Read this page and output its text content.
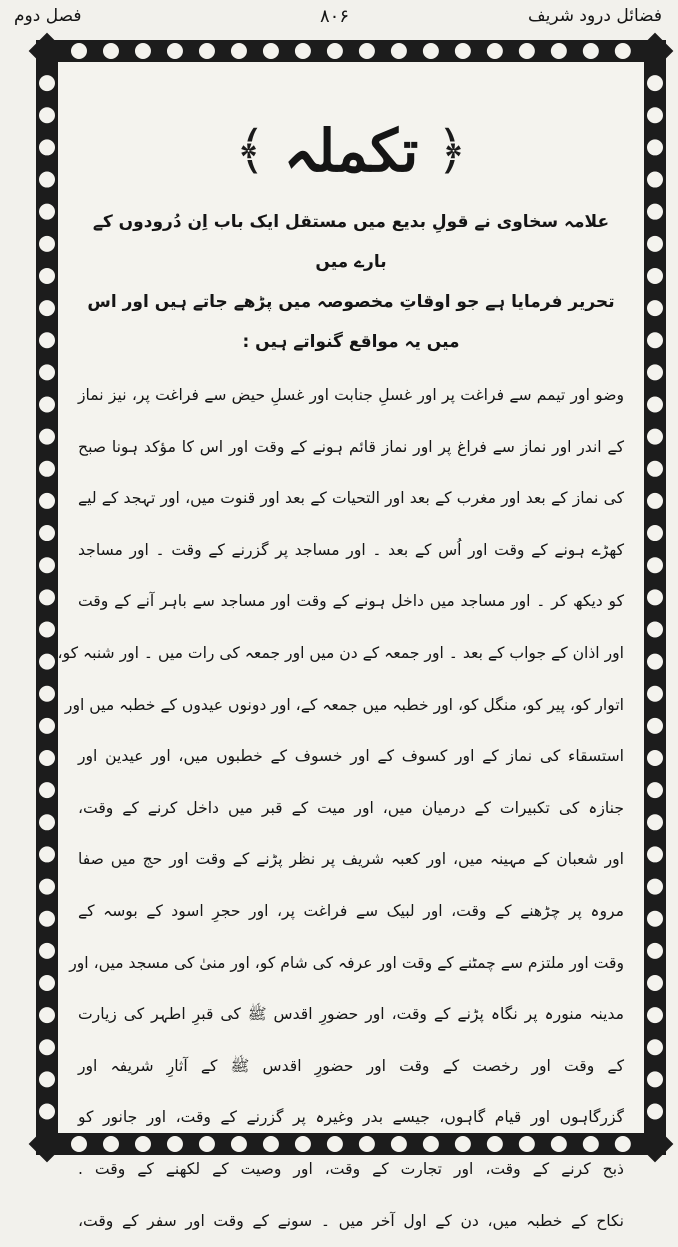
فضائل درود شریف
۸۰۶
فصل دوم
﴿
تکملہ
﴾
علامہ سخاوی نے قولِ بدیع میں مستقل ایک باب اِن دُرودوں کے بارے میں
تحریر فرمایا ہے جو اوقاتِ مخصوصہ میں پڑھے جاتے ہیں اور اس میں یہ مواقع گنواتے ہیں :
وضو اور تیمم سے فراغت پر اور غسلِ جنابت اور غسلِ حیض سے فراغت پر، نیز نماز
کے اندر اور نماز سے فراغ پر اور نماز قائم ہونے کے وقت اور اس کا مؤکد ہونا صبح
کی نماز کے بعد اور مغرب کے بعد اور التحیات کے بعد اور قنوت میں، اور تہجد کے لیے
کھڑے ہونے کے وقت اور اُس کے بعد ۔ اور مساجد پر گزرنے کے وقت ۔ اور مساجد
کو دیکھ کر ۔ اور مساجد میں داخل ہونے کے وقت اور مساجد سے باہر آنے کے وقت
اور اذان کے جواب کے بعد ۔ اور جمعہ کے دن میں اور جمعہ کی رات میں ۔ اور شنبہ کو،
اتوار کو، پیر کو، منگل کو، اور خطبہ میں جمعہ کے، اور دونوں عیدوں کے خطبہ میں اور
استسقاء کی نماز کے اور کسوف کے اور خسوف کے خطبوں میں، اور عیدین اور
جنازہ کی تکبیرات کے درمیان میں، اور میت کے قبر میں داخل کرنے کے وقت،
اور شعبان کے مہینہ میں، اور کعبہ شریف پر نظر پڑنے کے وقت اور حج میں صفا
مروہ پر چڑھنے کے وقت، اور لبیک سے فراغت پر، اور حجرِ اسود کے بوسہ کے
وقت اور ملتزم سے چمٹنے کے وقت اور عرفہ کی شام کو، اور منیٰ کی مسجد میں، اور
مدینہ منورہ پر نگاہ پڑنے کے وقت، اور حضورِ اقدس ﷺ کی قبرِ اطہر کی زیارت
کے وقت اور رخصت کے وقت اور حضورِ اقدس ﷺ کے آثارِ شریفہ اور
گزرگاہوں اور قیام گاہوں، جیسے بدر وغیرہ پر گزرنے کے وقت، اور جانور کو
ذبح کرنے کے وقت، اور تجارت کے وقت، اور وصیت کے لکھنے کے وقت .
نکاح کے خطبہ میں، دن کے اول آخر میں ۔ سونے کے وقت اور سفر کے وقت،
